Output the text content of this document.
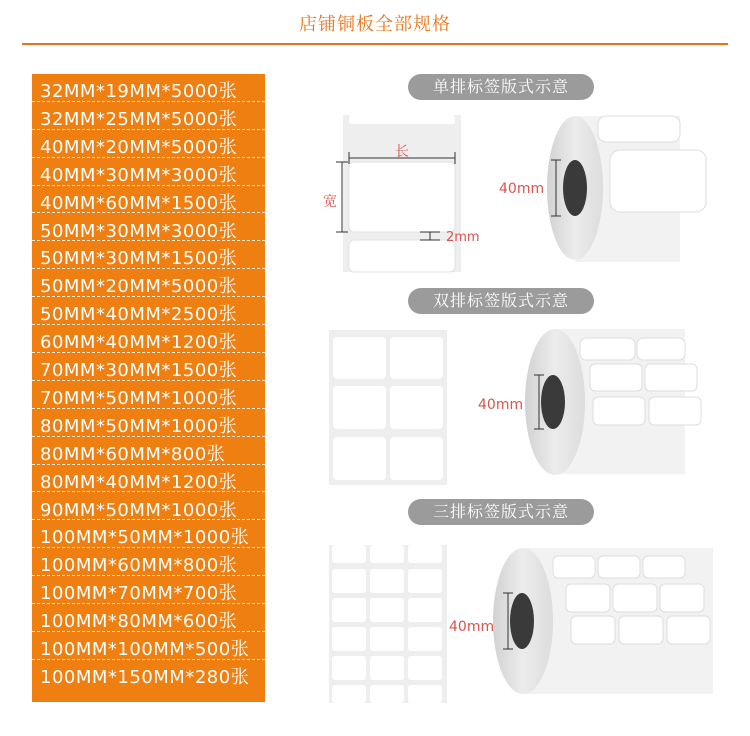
店铺铜板全部规格
32MM*19MM*5000张
32MM*25MM*5000张
40MM*20MM*5000张
40MM*30MM*3000张
40MM*60MM*1500张
50MM*30MM*3000张
50MM*30MM*1500张
50MM*20MM*5000张
50MM*40MM*2500张
60MM*40MM*1200张
70MM*30MM*1500张
70MM*50MM*1000张
80MM*50MM*1000张
80MM*60MM*800张
80MM*40MM*1200张
90MM*50MM*1000张
100MM*50MM*1000张
100MM*60MM*800张
100MM*70MM*700张
100MM*80MM*600张
100MM*100MM*500张
100MM*150MM*280张
单排标签版式示意
双排标签版式示意
三排标签版式示意
长
宽
2mm
40mm
40mm
40mm
